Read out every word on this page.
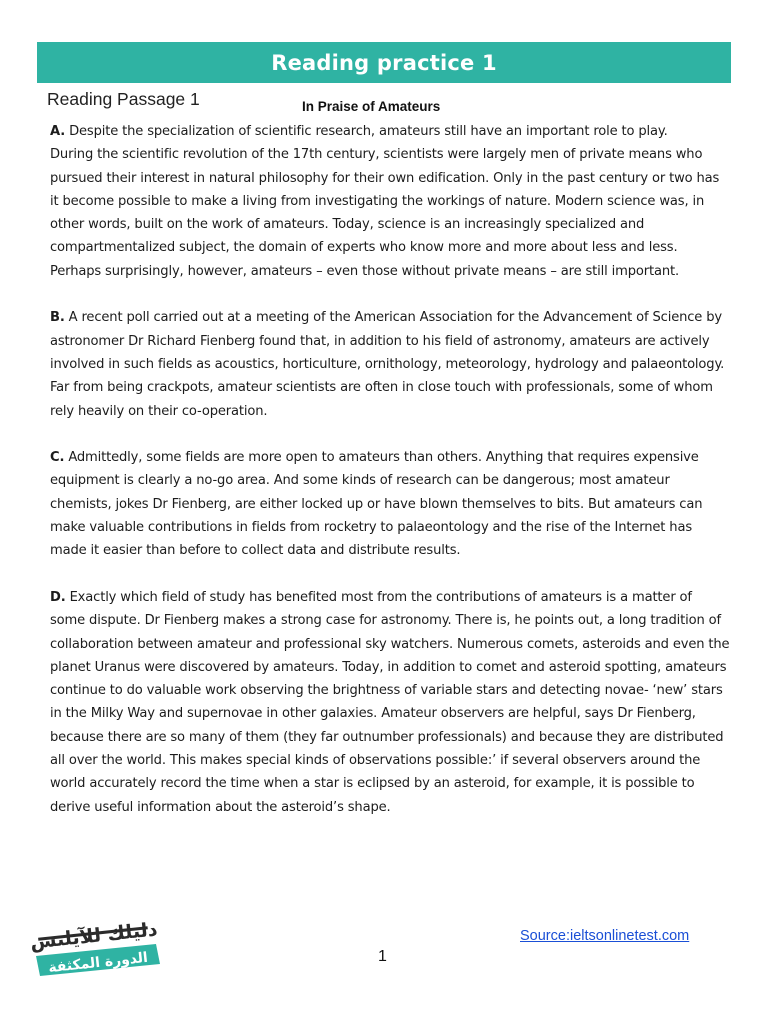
Reading practice 1
Reading Passage 1	In Praise of Amateurs

A. Despite the specialization of scientific research, amateurs still have an important role to play.
During the scientific revolution of the 17th century, scientists were largely men of private means who pursued their interest in natural philosophy for their own edification. Only in the past century or two has it become possible to make a living from investigating the workings of nature. Modern science was, in other words, built on the work of amateurs. Today, science is an increasingly specialized and compartmentalized subject, the domain of experts who know more and more about less and less. Perhaps surprisingly, however, amateurs – even those without private means – are still important.

B. A recent poll carried out at a meeting of the American Association for the Advancement of Science by astronomer Dr Richard Fienberg found that, in addition to his field of astronomy, amateurs are actively involved in such fields as acoustics, horticulture, ornithology, meteorology, hydrology and palaeontology. Far from being crackpots, amateur scientists are often in close touch with professionals, some of whom rely heavily on their co-operation.

C. Admittedly, some fields are more open to amateurs than others. Anything that requires expensive equipment is clearly a no-go area. And some kinds of research can be dangerous; most amateur chemists, jokes Dr Fienberg, are either locked up or have blown themselves to bits. But amateurs can make valuable contributions in fields from rocketry to palaeontology and the rise of the Internet has made it easier than before to collect data and distribute results.

D. Exactly which field of study has benefited most from the contributions of amateurs is a matter of some dispute. Dr Fienberg makes a strong case for astronomy. There is, he points out, a long tradition of collaboration between amateur and professional sky watchers. Numerous comets, asteroids and even the planet Uranus were discovered by amateurs. Today, in addition to comet and asteroid spotting, amateurs continue to do valuable work observing the brightness of variable stars and detecting novae- ‘new’ stars in the Milky Way and supernovae in other galaxies. Amateur observers are helpful, says Dr Fienberg, because there are so many of them (they far outnumber professionals) and because they are distributed all over the world. This makes special kinds of observations possible:’ if several observers around the world accurately record the time when a star is eclipsed by an asteroid, for example, it is possible to derive useful information about the asteroid’s shape.

دليلك للآيلتس
الدورة المكثفة
Source:ieltsonlinetest.com
1
